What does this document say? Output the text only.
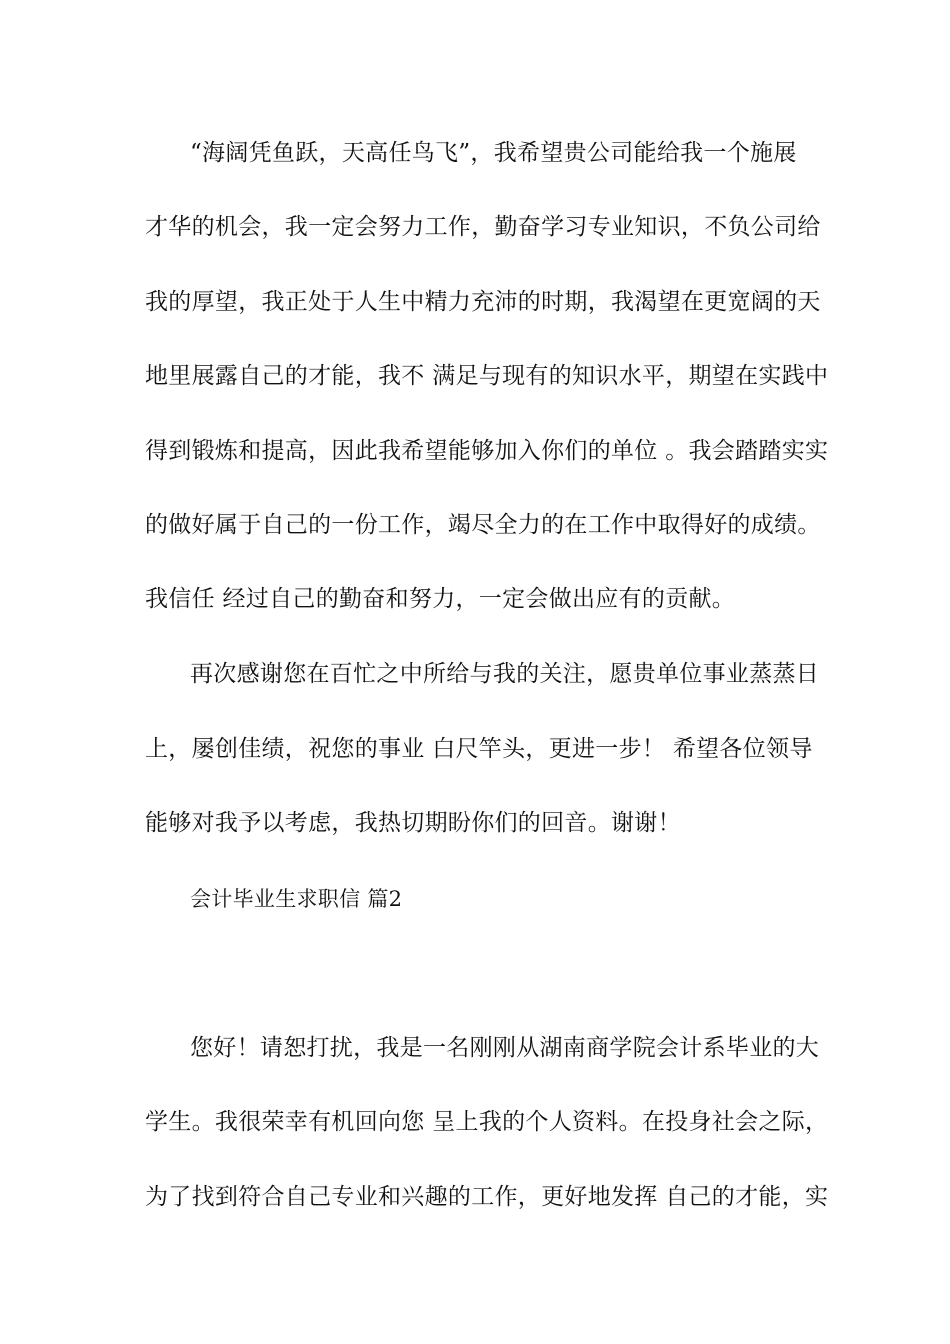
“海阔凭鱼跃，天高任鸟飞”，我希望贵公司能给我一个施展
才华的机会，我一定会努力工作，勤奋学习专业知识，不负公司给
我的厚望，我正处于人生中精力充沛的时期，我渴望在更宽阔的天
地里展露自己的才能，我不 满足与现有的知识水平，期望在实践中
得到锻炼和提高，因此我希望能够加入你们的单位 。我会踏踏实实
的做好属于自己的一份工作，竭尽全力的在工作中取得好的成绩。
我信任 经过自己的勤奋和努力，一定会做出应有的贡献。
再次感谢您在百忙之中所给与我的关注，愿贵单位事业蒸蒸日
上，屡创佳绩，祝您的事业 白尺竿头，更进一步！ 希望各位领导
能够对我予以考虑，我热切期盼你们的回音。谢谢！
会计毕业生求职信 篇2
您好！请恕打扰，我是一名刚刚从湖南商学院会计系毕业的大
学生。我很荣幸有机回向您 呈上我的个人资料。在投身社会之际，
为了找到符合自己专业和兴趣的工作，更好地发挥 自己的才能，实
